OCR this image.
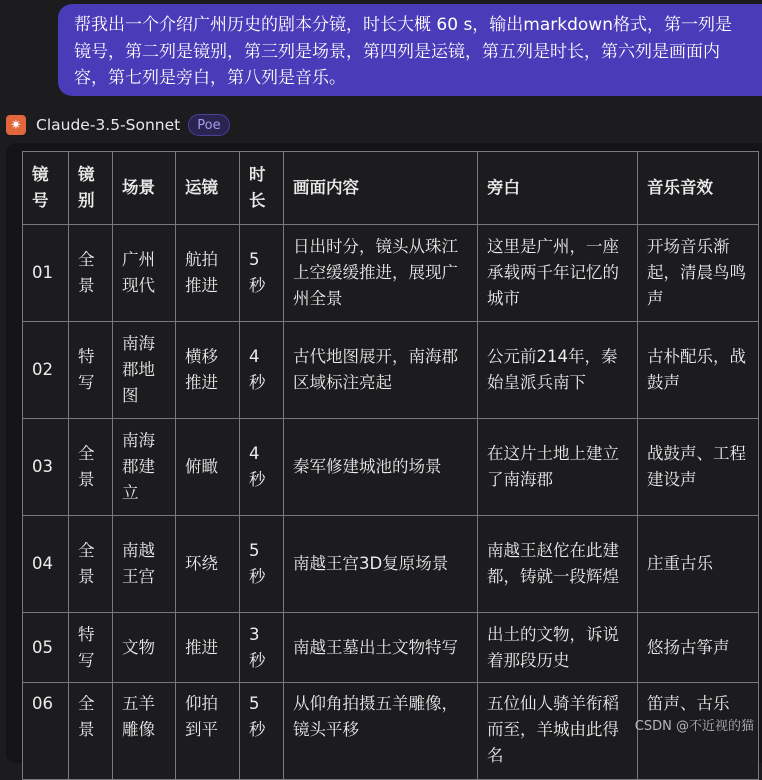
帮我出一个介绍广州历史的剧本分镜，时长大概 60 s，输出markdown格式，第一列是镜号，第二列是镜别，第三列是场景，第四列是运镜，第五列是时长，第六列是画面内容，第七列是旁白，第八列是音乐。
✷ Claude-3.5-Sonnet	Poe
镜号	镜别	场景	运镜	时长	画面内容	旁白	音乐音效
01	全景	广州现代	航拍推进	5秒	日出时分，镜头从珠江上空缓缓推进，展现广州全景	这里是广州，一座承载两千年记忆的城市	开场音乐渐起，清晨鸟鸣声
02	特写	南海郡地图	横移推进	4秒	古代地图展开，南海郡区域标注亮起	公元前214年，秦始皇派兵南下	古朴配乐，战鼓声
03	全景	南海郡建立	俯瞰	4秒	秦军修建城池的场景	在这片土地上建立了南海郡	战鼓声、工程建设声
04	全景	南越王宫	环绕	5秒	南越王宫3D复原场景	南越王赵佗在此建都，铸就一段辉煌	庄重古乐
05	特写	文物	推进	3秒	南越王墓出土文物特写	出土的文物，诉说着那段历史	悠扬古筝声
06	全景	五羊雕像	仰拍到平	5秒	从仰角拍摄五羊雕像，镜头平移	五位仙人骑羊衔稻而至，羊城由此得名	笛声、古乐
CSDN @不近视的猫
